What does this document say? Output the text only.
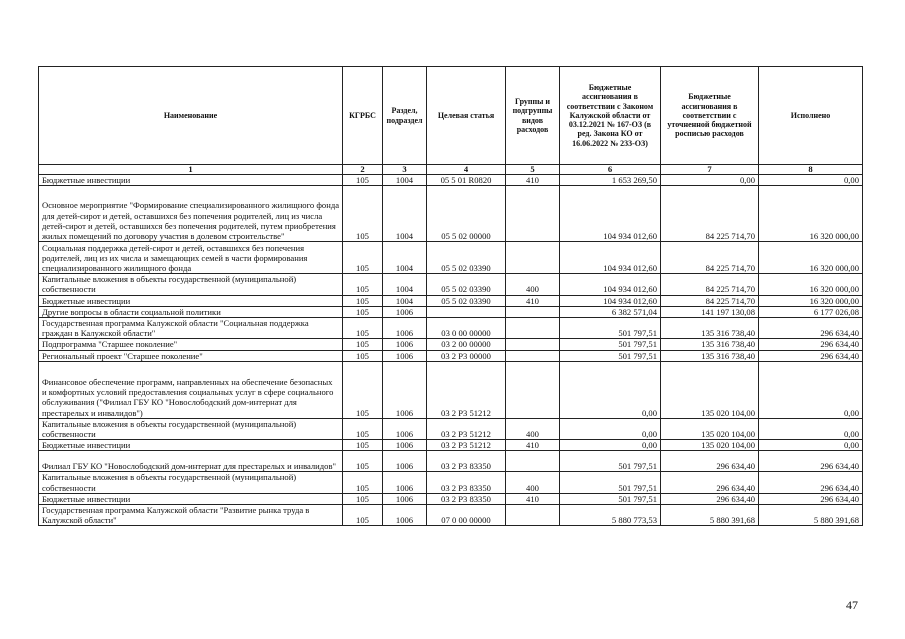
Наименование	КГРБС	Раздел, подраздел	Целевая статья	Группы и подгруппы видов расходов	Бюджетные ассигнования в соответствии с Законом Калужской области от 03.12.2021 № 167-ОЗ (в ред. Закона КО от 16.06.2022 № 233-ОЗ)	Бюджетные ассигнования в соответствии с уточненной бюджетной росписью расходов	Исполнено
1	2	3	4	5	6	7	8
Бюджетные инвестиции	105	1004	05 5 01 R0820	410	1 653 269,50	0,00	0,00
Основное мероприятие "Формирование специализированного жилищного фонда для детей-сирот и детей, оставшихся без попечения родителей, лиц из числа детей-сирот и детей, оставшихся без попечения родителей, путем приобретения жилых помещений по договору участия в долевом строительстве"	105	1004	05 5 02 00000		104 934 012,60	84 225 714,70	16 320 000,00
Социальная поддержка детей-сирот и детей, оставшихся без попечения родителей, лиц из их числа и замещающих семей в части формирования специализированного жилищного фонда	105	1004	05 5 02 03390		104 934 012,60	84 225 714,70	16 320 000,00
Капитальные вложения в объекты государственной (муниципальной) собственности	105	1004	05 5 02 03390	400	104 934 012,60	84 225 714,70	16 320 000,00
Бюджетные инвестиции	105	1004	05 5 02 03390	410	104 934 012,60	84 225 714,70	16 320 000,00
Другие вопросы в области социальной политики	105	1006			6 382 571,04	141 197 130,08	6 177 026,08
Государственная программа Калужской области "Социальная поддержка граждан в Калужской области"	105	1006	03 0 00 00000		501 797,51	135 316 738,40	296 634,40
Подпрограмма "Старшее поколение"	105	1006	03 2 00 00000		501 797,51	135 316 738,40	296 634,40
Региональный проект "Старшее поколение"	105	1006	03 2 P3 00000		501 797,51	135 316 738,40	296 634,40
Финансовое обеспечение программ, направленных на обеспечение безопасных и комфортных условий предоставления социальных услуг в сфере социального обслуживания ("Филиал ГБУ КО "Новослободский дом-интернат для престарелых и инвалидов")	105	1006	03 2 P3 51212		0,00	135 020 104,00	0,00
Капитальные вложения в объекты государственной (муниципальной) собственности	105	1006	03 2 P3 51212	400	0,00	135 020 104,00	0,00
Бюджетные инвестиции	105	1006	03 2 P3 51212	410	0,00	135 020 104,00	0,00
Филиал ГБУ КО "Новослободский дом-интернат для престарелых и инвалидов"	105	1006	03 2 P3 83350		501 797,51	296 634,40	296 634,40
Капитальные вложения в объекты государственной (муниципальной) собственности	105	1006	03 2 P3 83350	400	501 797,51	296 634,40	296 634,40
Бюджетные инвестиции	105	1006	03 2 P3 83350	410	501 797,51	296 634,40	296 634,40
Государственная программа Калужской области "Развитие рынка труда в Калужской области"	105	1006	07 0 00 00000		5 880 773,53	5 880 391,68	5 880 391,68
47
